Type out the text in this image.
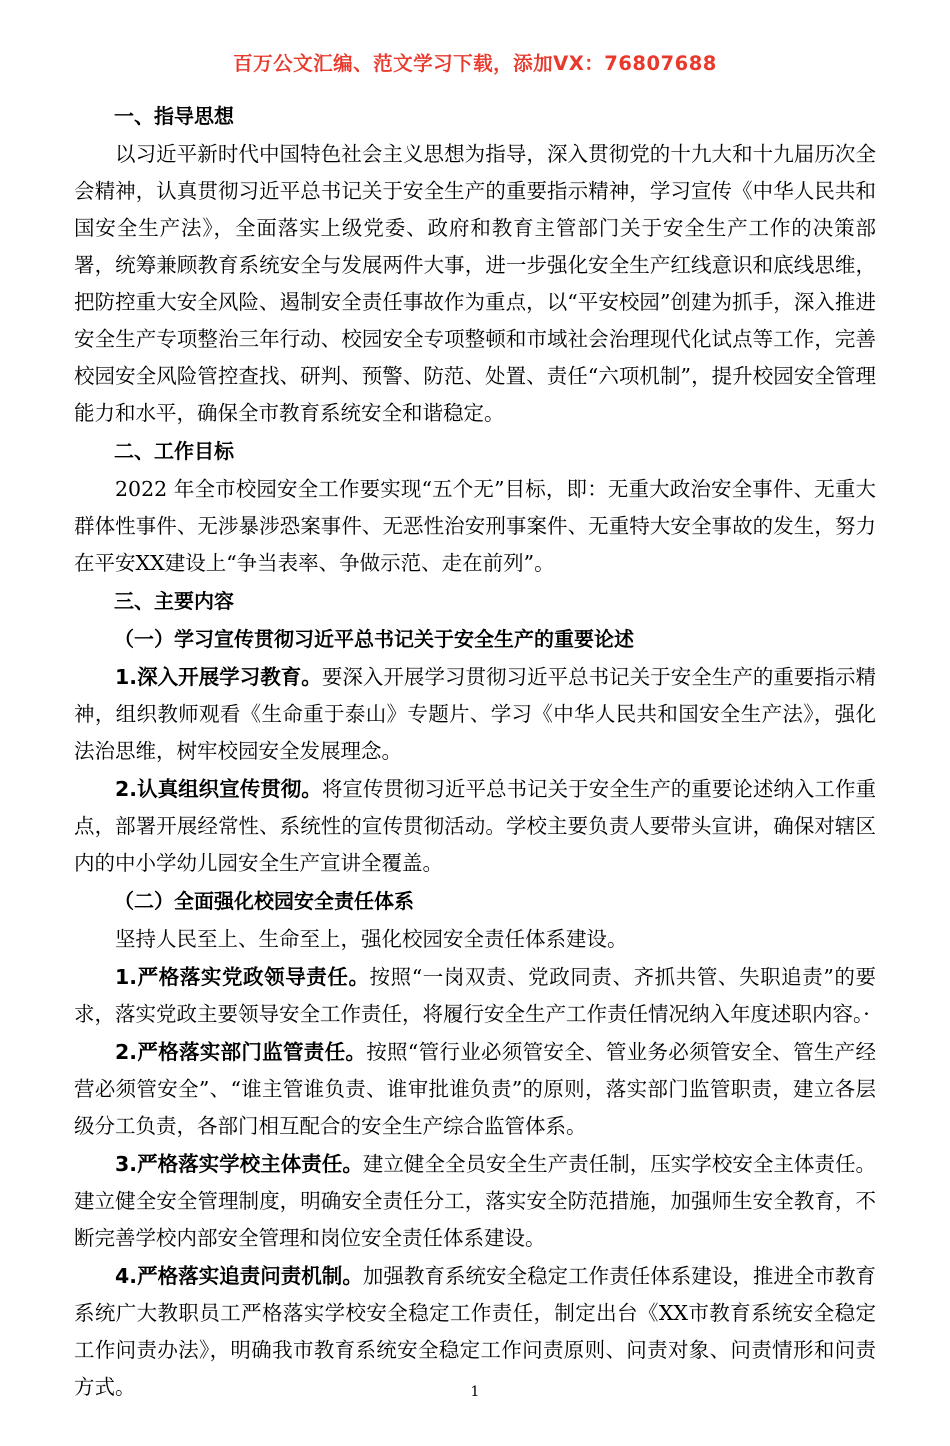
百万公文汇编、范文学习下载，添加VX：76807688

一、指导思想

以习近平新时代中国特色社会主义思想为指导，深入贯彻党的十九大和十九届历次全会精神，认真贯彻习近平总书记关于安全生产的重要指示精神，学习宣传《中华人民共和国安全生产法》，全面落实上级党委、政府和教育主管部门关于安全生产工作的决策部署，统筹兼顾教育系统安全与发展两件大事，进一步强化安全生产红线意识和底线思维，把防控重大安全风险、遏制安全责任事故作为重点，以“平安校园”创建为抓手，深入推进安全生产专项整治三年行动、校园安全专项整顿和市域社会治理现代化试点等工作，完善校园安全风险管控查找、研判、预警、防范、处置、责任“六项机制”，提升校园安全管理能力和水平，确保全市教育系统安全和谐稳定。

二、工作目标

2022 年全市校园安全工作要实现“五个无”目标，即：无重大政治安全事件、无重大群体性事件、无涉暴涉恐案事件、无恶性治安刑事案件、无重特大安全事故的发生，努力在平安XX建设上“争当表率、争做示范、走在前列”。

三、主要内容

（一）学习宣传贯彻习近平总书记关于安全生产的重要论述

1.深入开展学习教育。要深入开展学习贯彻习近平总书记关于安全生产的重要指示精神，组织教师观看《生命重于泰山》专题片、学习《中华人民共和国安全生产法》，强化法治思维，树牢校园安全发展理念。

2.认真组织宣传贯彻。将宣传贯彻习近平总书记关于安全生产的重要论述纳入工作重点，部署开展经常性、系统性的宣传贯彻活动。学校主要负责人要带头宣讲，确保对辖区内的中小学幼儿园安全生产宣讲全覆盖。

（二）全面强化校园安全责任体系

坚持人民至上、生命至上，强化校园安全责任体系建设。

1.严格落实党政领导责任。按照“一岗双责、党政同责、齐抓共管、失职追责”的要求，落实党政主要领导安全工作责任，将履行安全生产工作责任情况纳入年度述职内容。·

2.严格落实部门监管责任。按照“管行业必须管安全、管业务必须管安全、管生产经营必须管安全”、“谁主管谁负责、谁审批谁负责”的原则，落实部门监管职责，建立各层级分工负责，各部门相互配合的安全生产综合监管体系。

3.严格落实学校主体责任。建立健全全员安全生产责任制，压实学校安全主体责任。建立健全安全管理制度，明确安全责任分工，落实安全防范措施，加强师生安全教育，不断完善学校内部安全管理和岗位安全责任体系建设。

4.严格落实追责问责机制。加强教育系统安全稳定工作责任体系建设，推进全市教育系统广大教职员工严格落实学校安全稳定工作责任，制定出台《XX市教育系统安全稳定工作问责办法》，明确我市教育系统安全稳定工作问责原则、问责对象、问责情形和问责方式。	1
